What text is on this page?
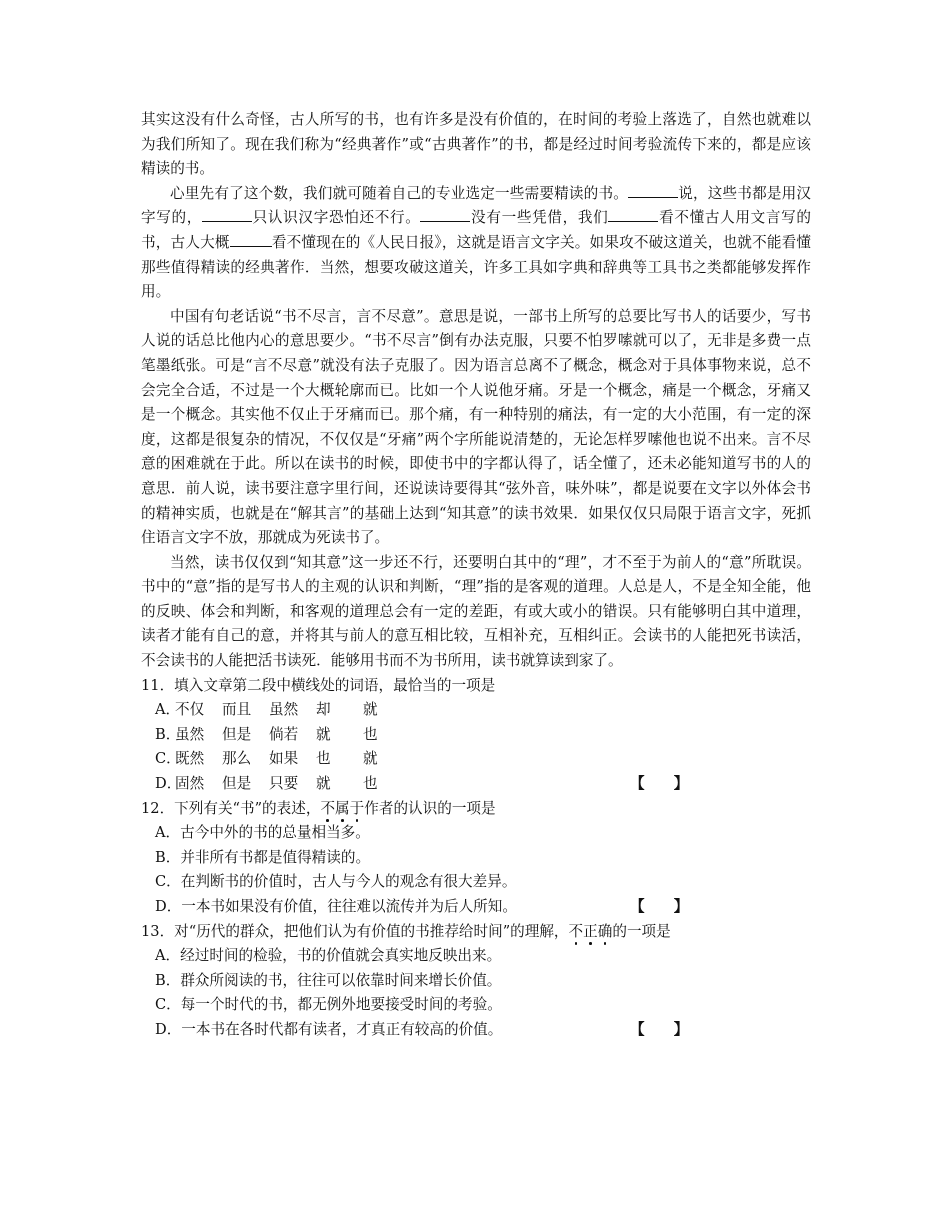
其实这没有什么奇怪，古人所写的书，也有许多是没有价值的，在时间的考验上落选了，自然也就难以为我们所知了。现在我们称为“经典著作”或“古典著作”的书，都是经过时间考验流传下来的，都是应该精读的书。

心里先有了这个数，我们就可随着自己的专业选定一些需要精读的书。	说，这些书都是用汉字写的，	只认识汉字恐怕还不行。	没有一些凭借，我们	看不懂古人用文言写的书，古人大概	看不懂现在的《人民日报》，这就是语言文字关。如果攻不破这道关，也就不能看懂那些值得精读的经典著作．当然，想要攻破这道关，许多工具如字典和辞典等工具书之类都能够发挥作用。

中国有句老话说“书不尽言，言不尽意”。意思是说，一部书上所写的总要比写书人的话要少，写书人说的话总比他内心的意思要少。“书不尽言”倒有办法克服，只要不怕罗嗦就可以了，无非是多费一点笔墨纸张。可是“言不尽意”就没有法子克服了。因为语言总离不了概念，概念对于具体事物来说，总不会完全合适，不过是一个大概轮廓而已。比如一个人说他牙痛。牙是一个概念，痛是一个概念，牙痛又是一个概念。其实他不仅止于牙痛而已。那个痛，有一种特别的痛法，有一定的大小范围，有一定的深度，这都是很复杂的情况，不仅仅是“牙痛”两个字所能说清楚的，无论怎样罗嗦他也说不出来。言不尽意的困难就在于此。所以在读书的时候，即使书中的字都认得了，话全懂了，还未必能知道写书的人的意思．前人说，读书要注意字里行间，还说读诗要得其“弦外音，味外味”，都是说要在文字以外体会书的精神实质，也就是在“解其言”的基础上达到“知其意”的读书效果．如果仅仅只局限于语言文字，死抓住语言文字不放，那就成为死读书了。

当然，读书仅仅到“知其意”这一步还不行，还要明白其中的“理”，才不至于为前人的“意”所耽误。书中的“意”指的是写书人的主观的认识和判断，“理”指的是客观的道理。人总是人，不是全知全能，他的反映、体会和判断，和客观的道理总会有一定的差距，有或大或小的错误。只有能够明白其中道理，读者才能有自己的意，并将其与前人的意互相比较，互相补充，互相纠正。会读书的人能把死书读活，不会读书的人能把活书读死．能够用书而不为书所用，读书就算读到家了。

11．填入文章第二段中横线处的词语，最恰当的一项是

A．不仅 而且 虽然 却 就
B．虽然 但是 倘若 就 也
C．既然 那么 如果 也 就
D．固然 但是 只要 就 也	【　　】

12．下列有关“书”的表述，不属于作者的认识的一项是

A．古今中外的书的总量相当多。
B．并非所有书都是值得精读的。
C．在判断书的价值时，古人与今人的观念有很大差异。
D．一本书如果没有价值，往往难以流传并为后人所知。	【　　】

13．对“历代的群众，把他们认为有价值的书推荐给时间”的理解，不正确的一项是

A．经过时间的检验，书的价值就会真实地反映出来。
B．群众所阅读的书，往往可以依靠时间来增长价值。
C．每一个时代的书，都无例外地要接受时间的考验。
D．一本书在各时代都有读者，才真正有较高的价值。	【　　】
